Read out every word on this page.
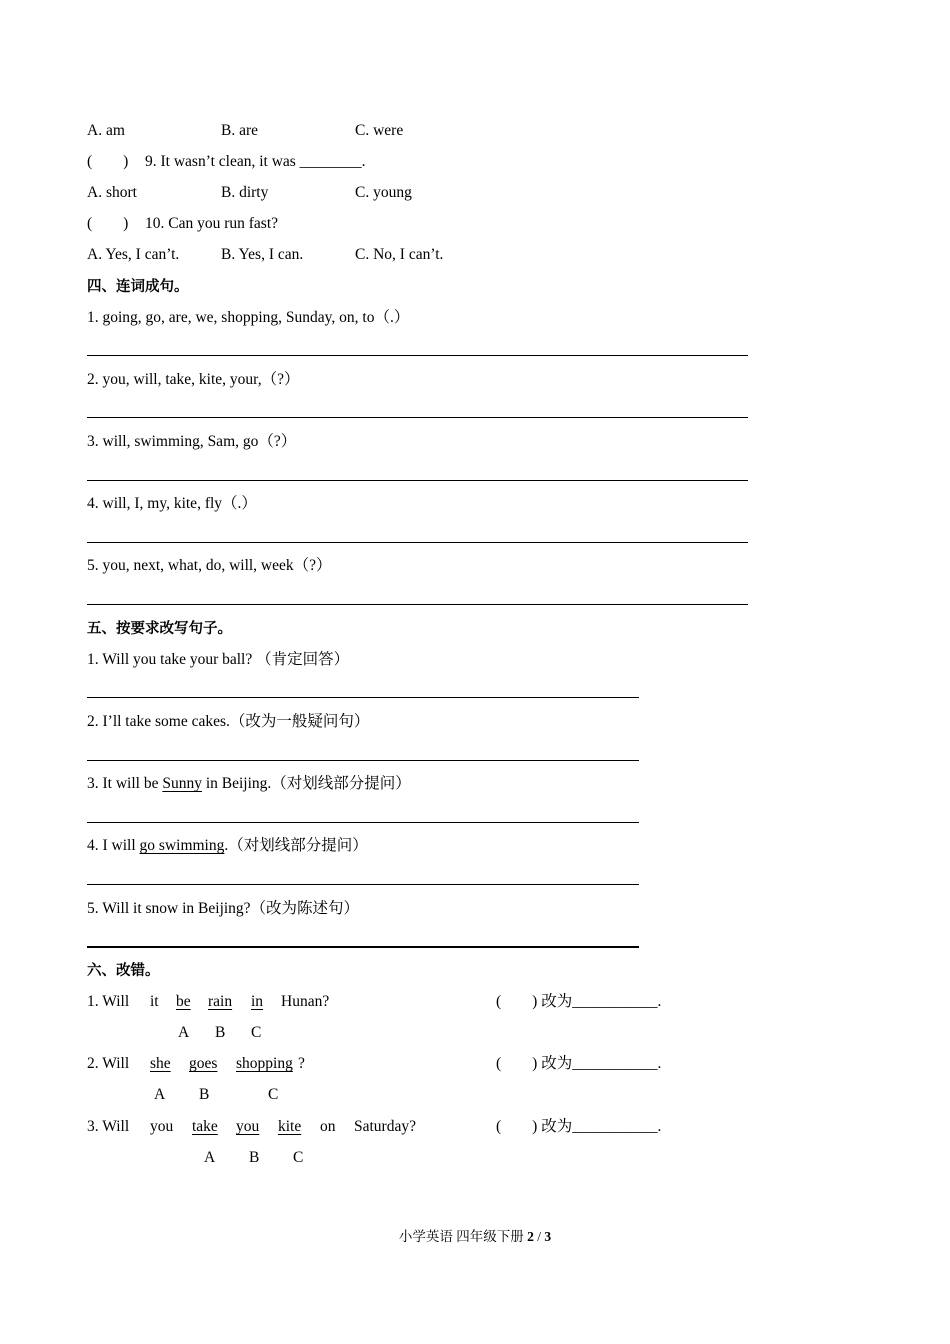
A. am	B. are	C. were
(　　) 9. It wasn’t clean, it was ________.
A. short	B. dirty	C. young
(　　) 10. Can you run fast?
A. Yes, I can’t.	B. Yes, I can.	C. No, I can’t.
四、连词成句。
1. going, go, are, we, shopping, Sunday, on, to（.）
2. you, will, take, kite, your,（?）
3. will, swimming, Sam, go（?）
4. will, I, my, kite, fly（.）
5. you, next, what, do, will, week（?）
五、按要求改写句子。
1. Will you take your ball? （肯定回答）
2. I’ll take some cakes.（改为一般疑问句）
3. It will be Sunny in Beijing.（对划线部分提问）
4. I will go swimming.（对划线部分提问）
5. Will it snow in Beijing?（改为陈述句）
六、改错。
1. Will it be rain in Hunan?	(　　) 改为___________.
A B C
2. Will she goes shopping ?	(　　) 改为___________.
A B	C
3. Will you take you kite on Saturday?	(　　) 改为___________.
A B C
小学英语 四年级下册 2 / 3
